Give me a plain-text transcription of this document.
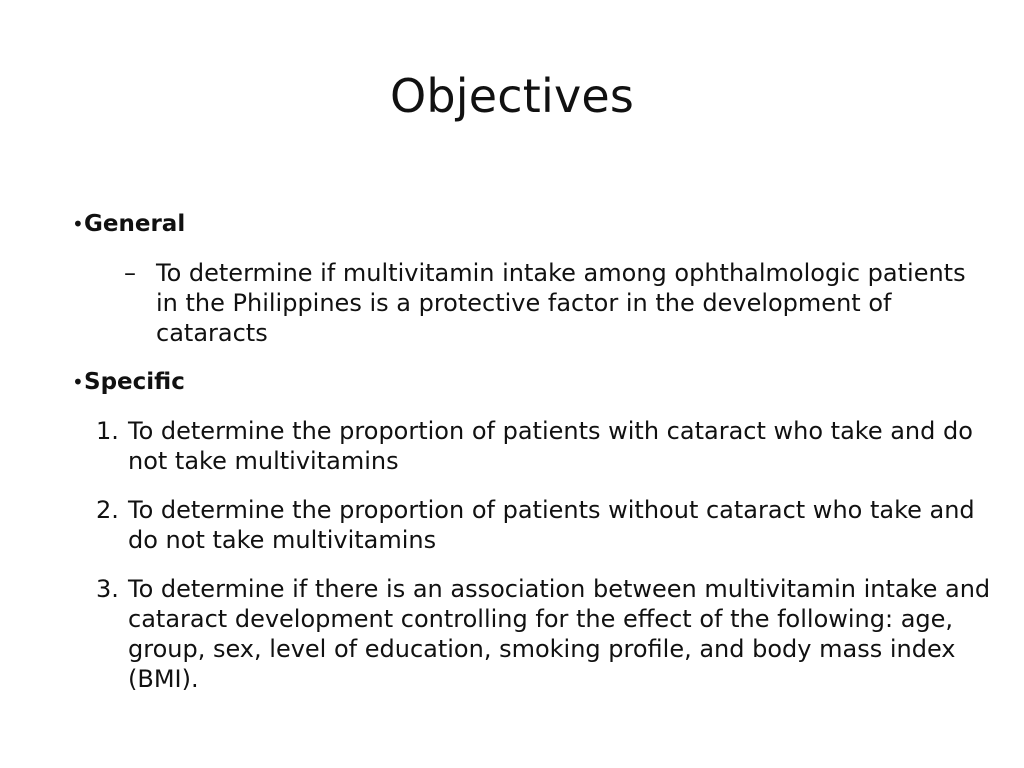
Objectives
• General
– To determine if multivitamin intake among ophthalmologic patients in the Philippines is a protective factor in the development of cataracts
• Specific
1. To determine the proportion of patients with cataract who take and do not take multivitamins
2. To determine the proportion of patients without cataract who take and do not take multivitamins
3. To determine if there is an association between multivitamin intake and cataract development controlling for the effect of the following: age, group, sex, level of education, smoking profile, and body mass index (BMI).
